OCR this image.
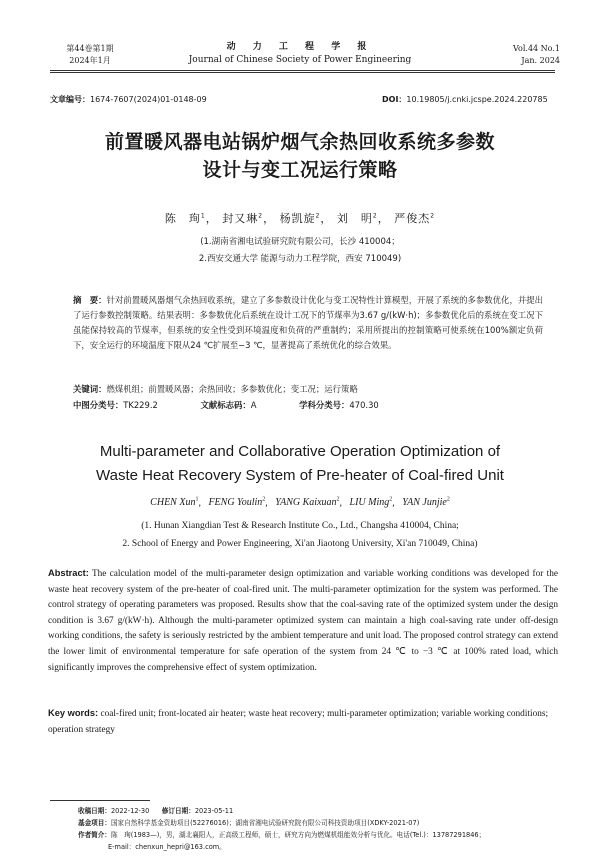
第44卷第1期
2024年1月
动 力 工 程 学 报
Journal of Chinese Society of Power Engineering
Vol.44 No.1
Jan. 2024
文章编号：1674-7607(2024)01-0148-09	DOI：10.19805/j.cnki.jcspe.2024.220785
前置暖风器电站锅炉烟气余热回收系统多参数
设计与变工况运行策略
陈　珣$^1$， 封又琳$^2$， 杨凯旋$^2$， 刘　明$^2$， 严俊杰$^2$
(1.湖南省湘电试验研究院有限公司，长沙 410004；
2.西安交通大学 能源与动力工程学院，西安 710049)
摘　要：针对前置暖风器烟气余热回收系统，建立了多参数设计优化与变工况特性计算模型，开展了系统的多参数优化，并提出了运行参数控制策略。结果表明：多参数优化后系统在设计工况下的节煤率为3.67 g/(kW·h)；多参数优化后的系统在变工况下虽能保持较高的节煤率，但系统的安全性受到环境温度和负荷的严重制约；采用所提出的控制策略可使系统在100%额定负荷下，安全运行的环境温度下限从24 ℃扩展至−3 ℃，显著提高了系统优化的综合效果。
关键词：燃煤机组；前置暖风器；余热回收；多参数优化；变工况；运行策略
中图分类号：TK229.2	文献标志码：A	学科分类号：470.30
Multi-parameter and Collaborative Operation Optimization of
Waste Heat Recovery System of Pre-heater of Coal-fired Unit
CHEN Xun$^1$,   FENG Youlin$^2$,   YANG Kaixuan$^2$,   LIU Ming$^2$,   YAN Junjie$^2$
(1. Hunan Xiangdian Test & Research Institute Co., Ltd., Changsha 410004, China;
2. School of Energy and Power Engineering, Xi'an Jiaotong University, Xi'an 710049, China)
Abstract: The calculation model of the multi-parameter design optimization and variable working conditions was developed for the waste heat recovery system of the pre-heater of coal-fired unit. The multi-parameter optimization for the system was performed. The control strategy of operating parameters was proposed. Results show that the coal-saving rate of the optimized system under the design condition is 3.67 g/(kW·h). Although the multi-parameter optimized system can maintain a high coal-saving rate under off-design working conditions, the safety is seriously restricted by the ambient temperature and unit load. The proposed control strategy can extend the lower limit of environmental temperature for safe operation of the system from 24 ℃ to −3 ℃ at 100% rated load, which significantly improves the comprehensive effect of system optimization.
Key words: coal-fired unit; front-located air heater; waste heat recovery; multi-parameter optimization; variable working conditions; operation strategy
收稿日期：2022-12-30 修订日期：2023-05-11
基金项目：国家自然科学基金资助项目(52276016)；湖南省湘电试验研究院有限公司科技资助项目(XDKY-2021-07)
作者简介：陈　珣(1983—)，男，湖北襄阳人，正高级工程师，硕士，研究方向为燃煤机组能效分析与优化。电话(Tel.)：13787291846；
E-mail：chenxun_hepri@163.com。
